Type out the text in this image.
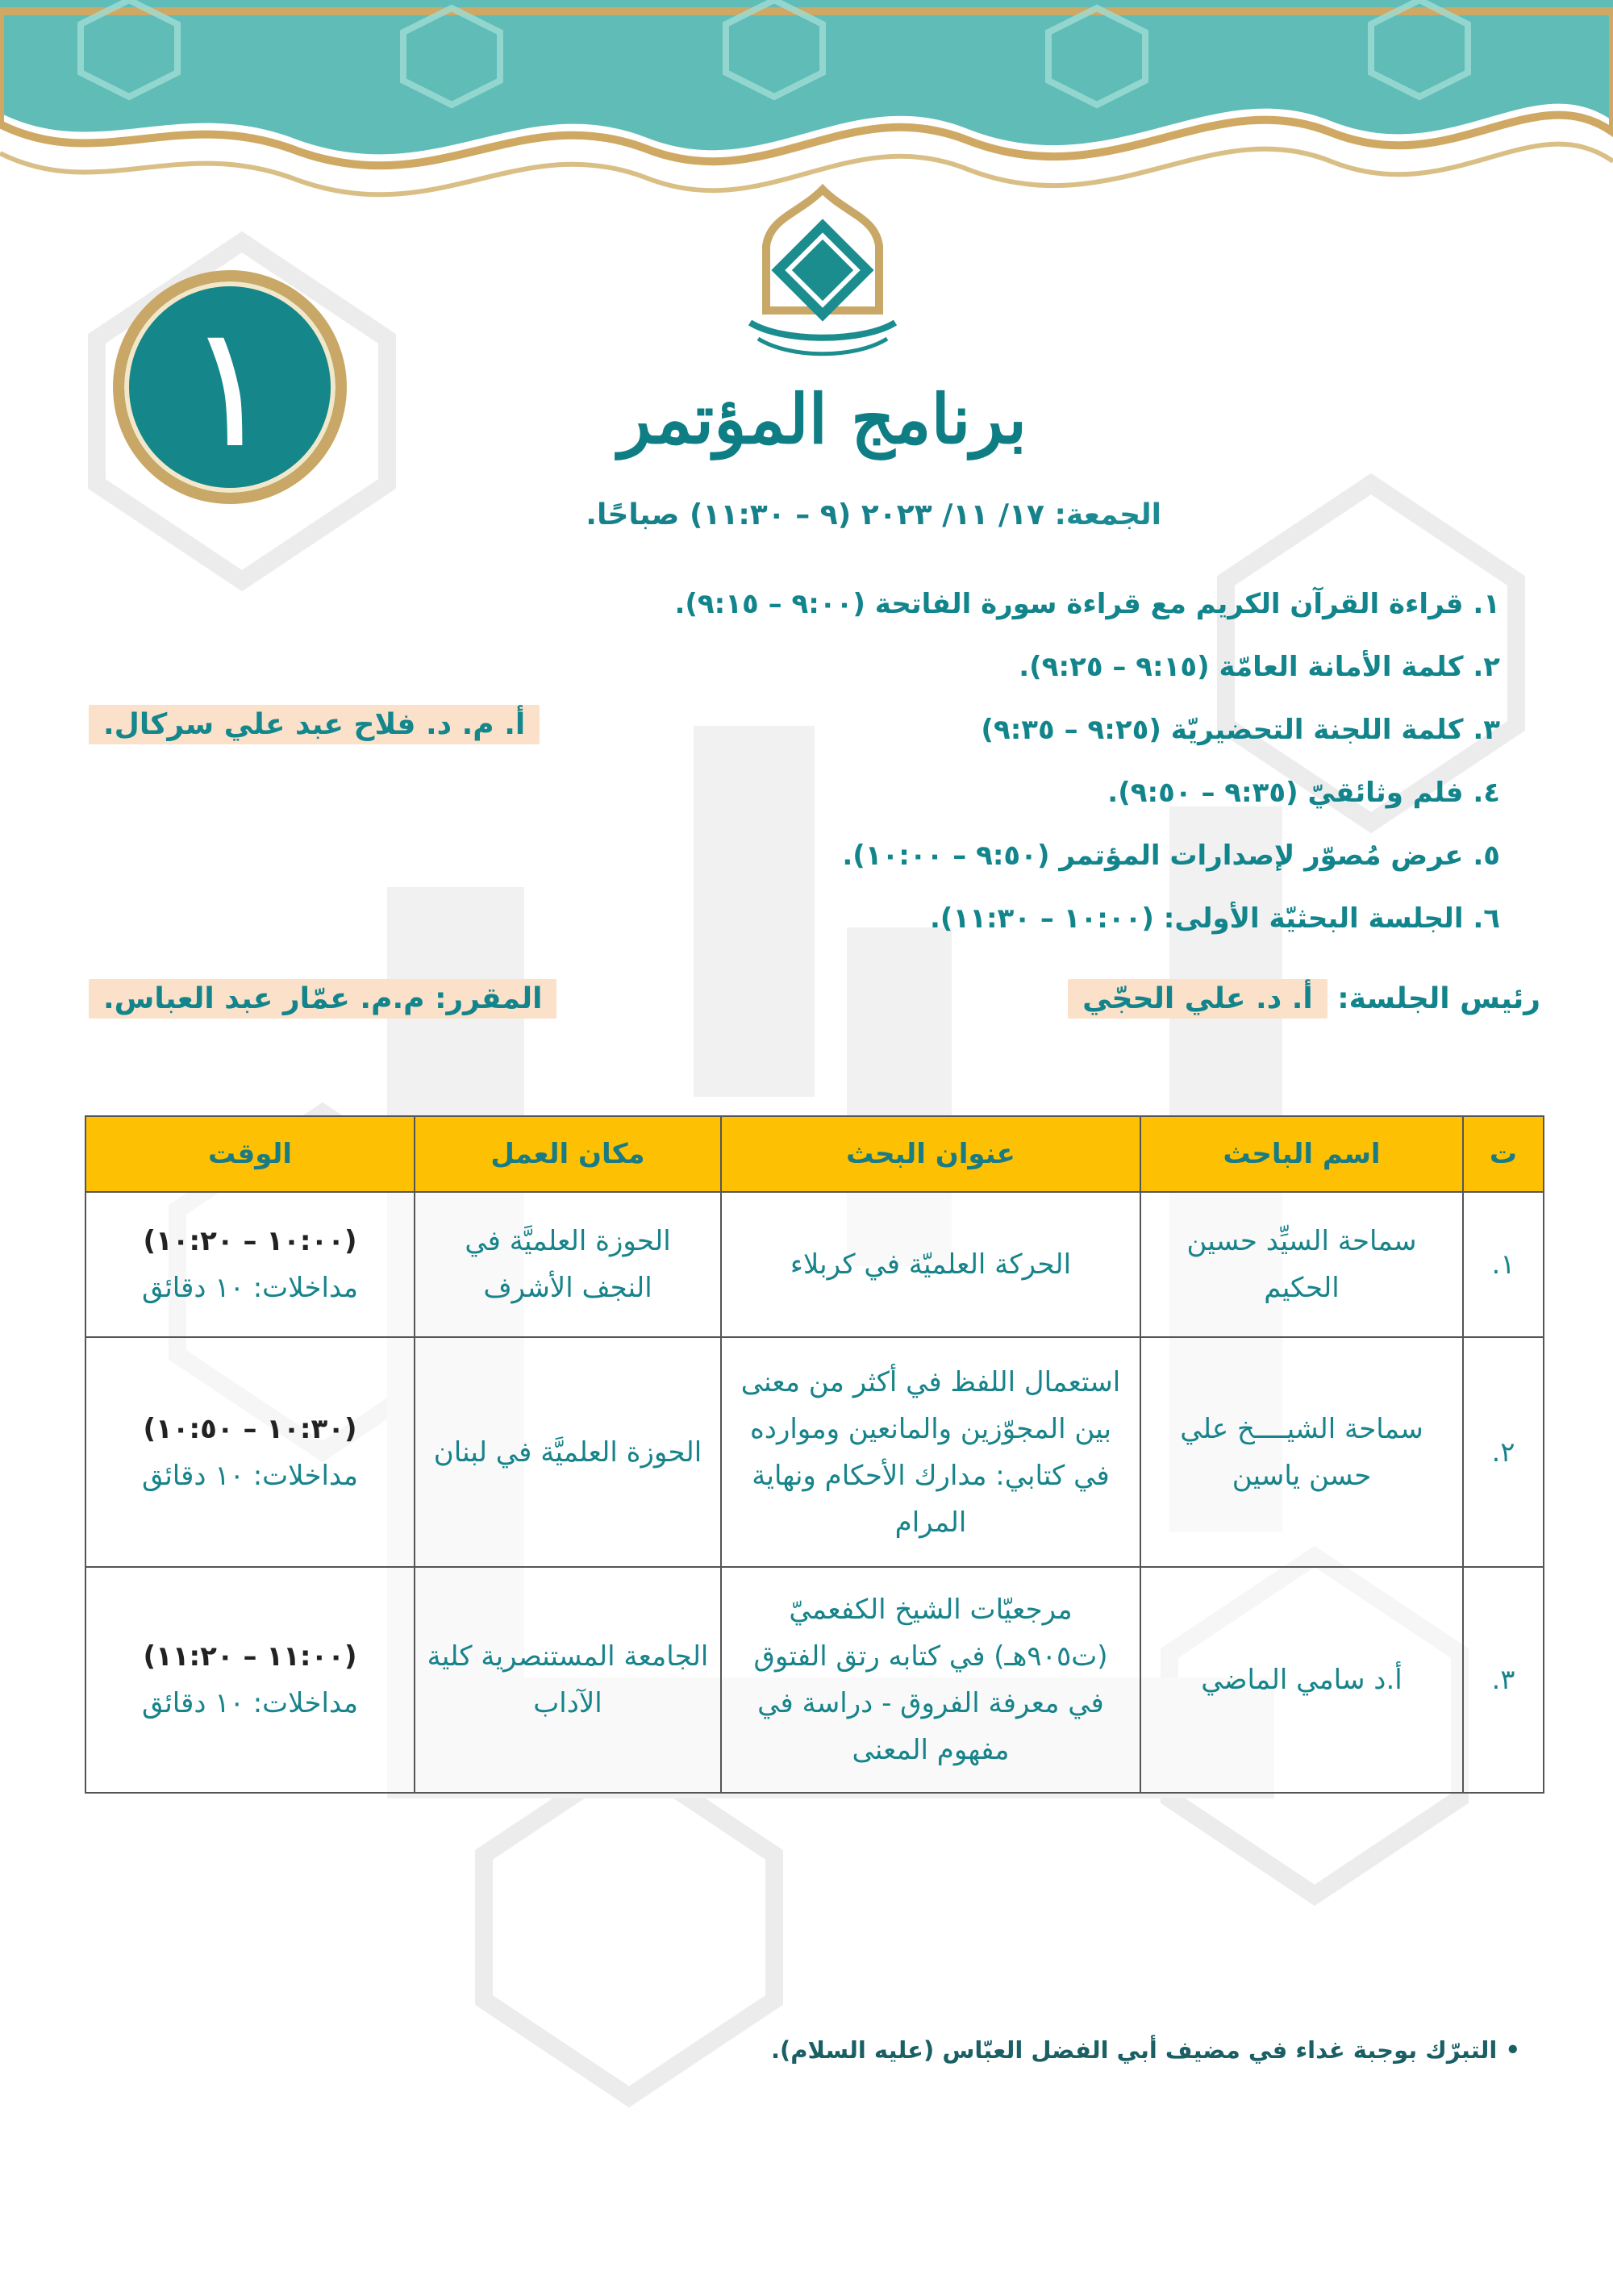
١	برنامج المؤتمر
الجمعة: ١٧/ ١١/ ٢٠٢٣ (٩ – ١١:٣٠) صباحًا.
١. قراءة القرآن الكريم مع قراءة سورة الفاتحة (٩:٠٠ – ٩:١٥).
٢. كلمة الأمانة العامّة (٩:١٥ – ٩:٢٥).
٣. كلمة اللجنة التحضيريّة (٩:٢٥ – ٩:٣٥)
٤. فلم وثائقيّ (٩:٣٥ – ٩:٥٠).
٥. عرض مُصوّر لإصدارات المؤتمر (٩:٥٠ – ١٠:٠٠).
٦. الجلسة البحثيّة الأولى: (١٠:٠٠ – ١١:٣٠).
أ. م. د. فلاح عبد علي سركال.
رئيس الجلسة: أ. د. علي الحجّي
المقرر: م.م. عمّار عبد العباس.
ت	اسم الباحث	عنوان البحث	مكان العمل	الوقت
١.	سماحة السيِّد حسين الحكيم	الحركة العلميّة في كربلاء	الحوزة العلميَّة في النجف الأشرف	(١٠:٠٠ – ١٠:٢٠)
مداخلات: ١٠ دقائق

٢.	سماحة الشيــــخ علي حسن ياسين	استعمال اللفظ في أكثر من معنى بين المجوّزين والمانعين وموارده في كتابي: مدارك الأحكام ونهاية المرام	الحوزة العلميَّة في لبنان	(١٠:٣٠ – ١٠:٥٠)
مداخلات: ١٠ دقائق

٣.	أ.د سامي الماضي	مرجعيّات الشيخ الكفعميّ (ت٩٠٥هـ) في كتابه رتق الفتوق في معرفة الفروق - دراسة في مفهوم المعنى	الجامعة المستنصرية كلية الآداب	(١١:٠٠ – ١١:٢٠)
مداخلات: ١٠ دقائق
• التبرّك بوجبة غداء في مضيف أبي الفضل العبّاس (عليه السلام).
